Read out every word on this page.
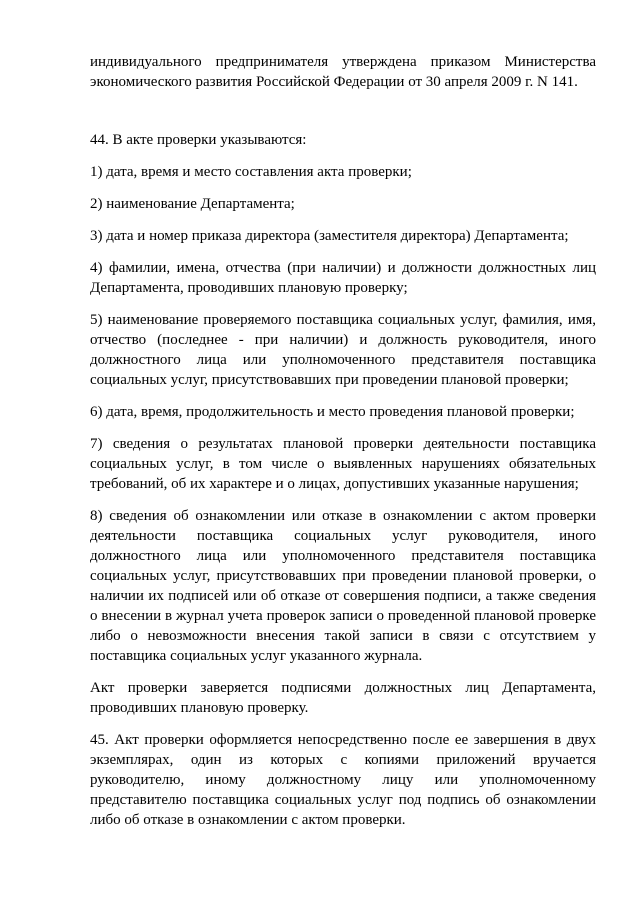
индивидуального предпринимателя утверждена приказом Министерства экономического развития Российской Федерации от 30 апреля 2009 г. N 141.

44. В акте проверки указываются:

1) дата, время и место составления акта проверки;

2) наименование Департамента;

3) дата и номер приказа директора (заместителя директора) Департамента;

4) фамилии, имена, отчества (при наличии) и должности должностных лиц Департамента, проводивших плановую проверку;

5) наименование проверяемого поставщика социальных услуг, фамилия, имя, отчество (последнее - при наличии) и должность руководителя, иного должностного лица или уполномоченного представителя поставщика социальных услуг, присутствовавших при проведении плановой проверки;

6) дата, время, продолжительность и место проведения плановой проверки;

7) сведения о результатах плановой проверки деятельности поставщика социальных услуг, в том числе о выявленных нарушениях обязательных требований, об их характере и о лицах, допустивших указанные нарушения;

8) сведения об ознакомлении или отказе в ознакомлении с актом проверки деятельности поставщика социальных услуг руководителя, иного должностного лица или уполномоченного представителя поставщика социальных услуг, присутствовавших при проведении плановой проверки, о наличии их подписей или об отказе от совершения подписи, а также сведения о внесении в журнал учета проверок записи о проведенной плановой проверке либо о невозможности внесения такой записи в связи с отсутствием у поставщика социальных услуг указанного журнала.

Акт проверки заверяется подписями должностных лиц Департамента, проводивших плановую проверку.

45. Акт проверки оформляется непосредственно после ее завершения в двух экземплярах, один из которых с копиями приложений вручается руководителю, иному должностному лицу или уполномоченному представителю поставщика социальных услуг под подпись об ознакомлении либо об отказе в ознакомлении с актом проверки.
